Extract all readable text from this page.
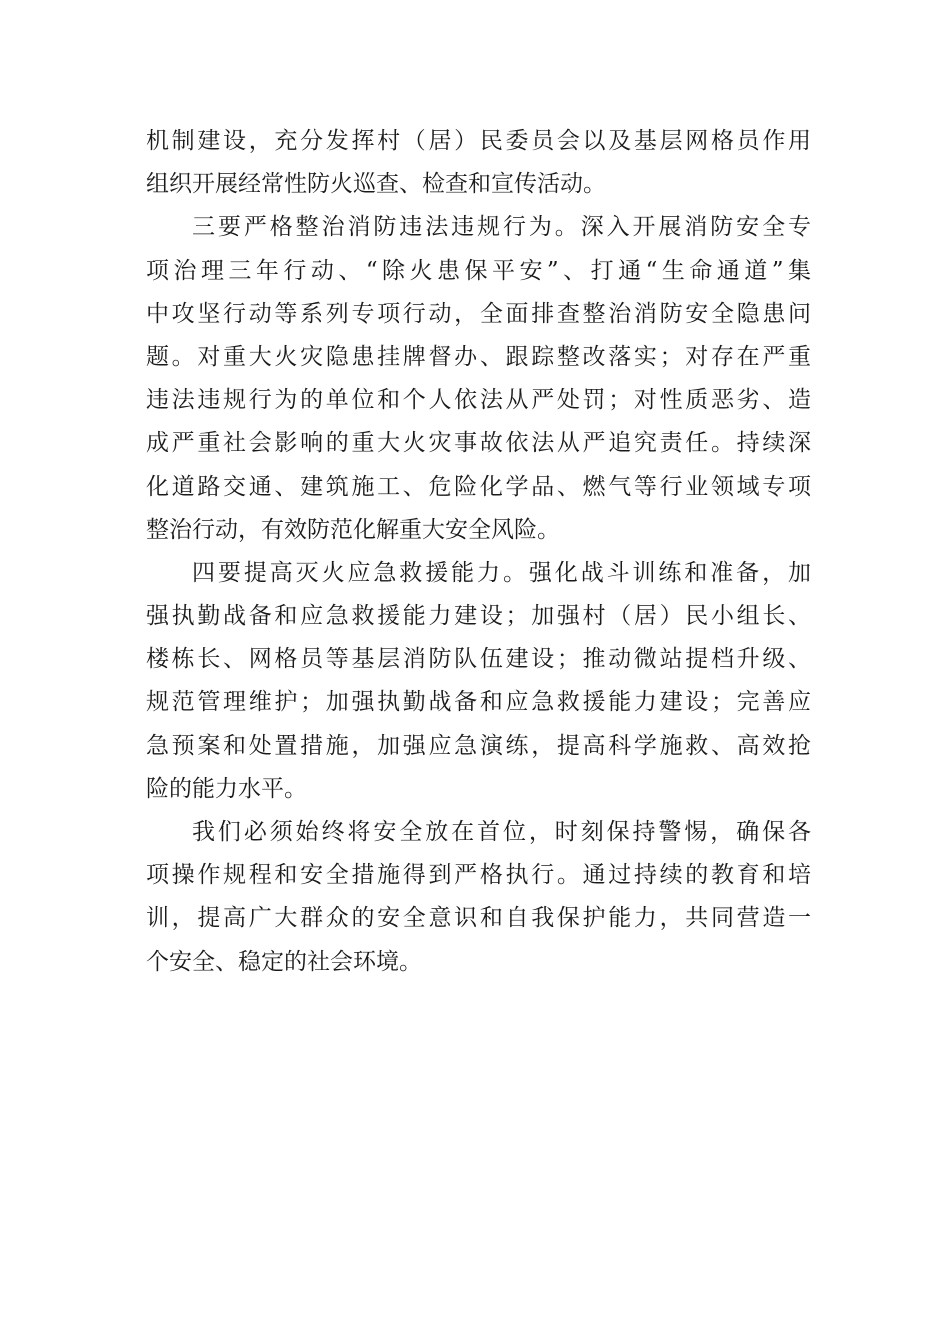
机制建设，充分发挥村（居）民委员会以及基层网格员作用
组织开展经常性防火巡查、检查和宣传活动。
三要严格整治消防违法违规行为。深入开展消防安全专
项治理三年行动、“除火患保平安”、打通“生命通道”集
中攻坚行动等系列专项行动，全面排查整治消防安全隐患问
题。对重大火灾隐患挂牌督办、跟踪整改落实；对存在严重
违法违规行为的单位和个人依法从严处罚；对性质恶劣、造
成严重社会影响的重大火灾事故依法从严追究责任。持续深
化道路交通、建筑施工、危险化学品、燃气等行业领域专项
整治行动，有效防范化解重大安全风险。
四要提高灭火应急救援能力。强化战斗训练和准备，加
强执勤战备和应急救援能力建设；加强村（居）民小组长、
楼栋长、网格员等基层消防队伍建设；推动微站提档升级、
规范管理维护；加强执勤战备和应急救援能力建设；完善应
急预案和处置措施，加强应急演练，提高科学施救、高效抢
险的能力水平。
我们必须始终将安全放在首位，时刻保持警惕，确保各
项操作规程和安全措施得到严格执行。通过持续的教育和培
训，提高广大群众的安全意识和自我保护能力，共同营造一
个安全、稳定的社会环境。
